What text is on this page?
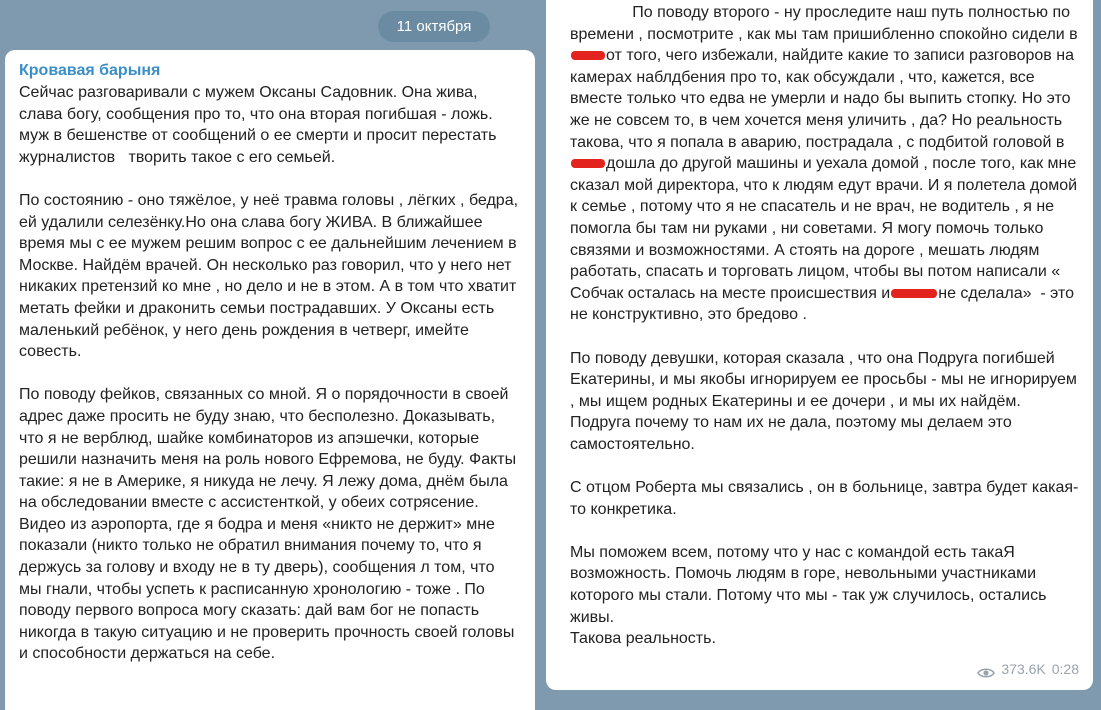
11 октября
Кровавая барыня
Сейчас разговаривали с мужем Оксаны Садовник. Она жива, слава богу, сообщения про то, что она вторая погибшая - ложь. муж в бешенстве от сообщений о ее смерти и просит перестать журналистов   творить такое с его семьей.
По состоянию - оно тяжёлое, у неё травма головы , лёгких , бедра, ей удалили селезёнку.Но она слава богу ЖИВА. В ближайшее время мы с ее мужем решим вопрос с ее дальнейшим лечением в Москве. Найдём врачей. Он несколько раз говорил, что у него нет никаких претензий ко мне , но дело и не в этом. А в том что хватит метать фейки и драконить семьи пострадавших. У Оксаны есть маленький ребёнок, у него день рождения в четверг, имейте совесть.
По поводу фейков, связанных со мной. Я о порядочности в своей адрес даже просить не буду знаю, что бесполезно. Доказывать, что я не верблюд, шайке комбинаторов из апэшечки, которые решили назначить меня на роль нового Ефремова, не буду. Факты такие: я не в Америке, я никуда не лечу. Я лежу дома, днём была на обследовании вместе с ассистенткой, у обеих сотрясение. Видео из аэропорта, где я бодра и меня «никто не держит» мне показали (никто только не обратил внимания почему то, что я держусь за голову и входу не в ту дверь), сообщения л том, что мы гнали, чтобы успеть к расписанную хронологию - тоже . По поводу первого вопроса могу сказать: дай вам бог не попасть никогда в такую ситуацию и не проверить прочность своей головы и способности держаться на себе.
По поводу второго - ну проследите наш путь полностью по времени , посмотрите , как мы там пришибленно спокойно сидели вот того, чего избежали, найдите какие то записи разговоров на камерах наблдбения про то, как обсуждали , что, кажется, все вместе только что едва не умерли и надо бы выпить стопку. Но это же не совсем то, в чем хочется меня уличить , да? Но реальность такова, что я попала в аварию, пострадала , с подбитой головой вдошла до другой машины и уехала домой , после того, как мне сказал мой директора, что к людям едут врачи. И я полетела домой к семье , потому что я не спасатель и не врач, не водитель , я не помогла бы там ни руками , ни советами. Я могу помочь только связями и возможностями. А стоять на дороге , мешать людям работать, спасать и торговать лицом, чтобы вы потом написали « Собчак осталась на месте происшествия и	не сделала»  - это не конструктивно, это бредово .
По поводу девушки, которая сказала , что она Подруга погибшей Екатерины, и мы якобы игнорируем ее просьбы - мы не игнорируем , мы ищем родных Екатерины и ее дочери , и мы их найдём. Подруга почему то нам их не дала, поэтому мы делаем это самостоятельно.
С отцом Роберта мы связались , он в больнице, завтра будет какая-то конкретика.
Мы поможем всем, потому что у нас с командой есть такаЯ возможность. Помочь людям в горе, невольными участниками которого мы стали. Потому что мы - так уж случилось, остались живы.
Такова реальность.
373.6K 0:28
